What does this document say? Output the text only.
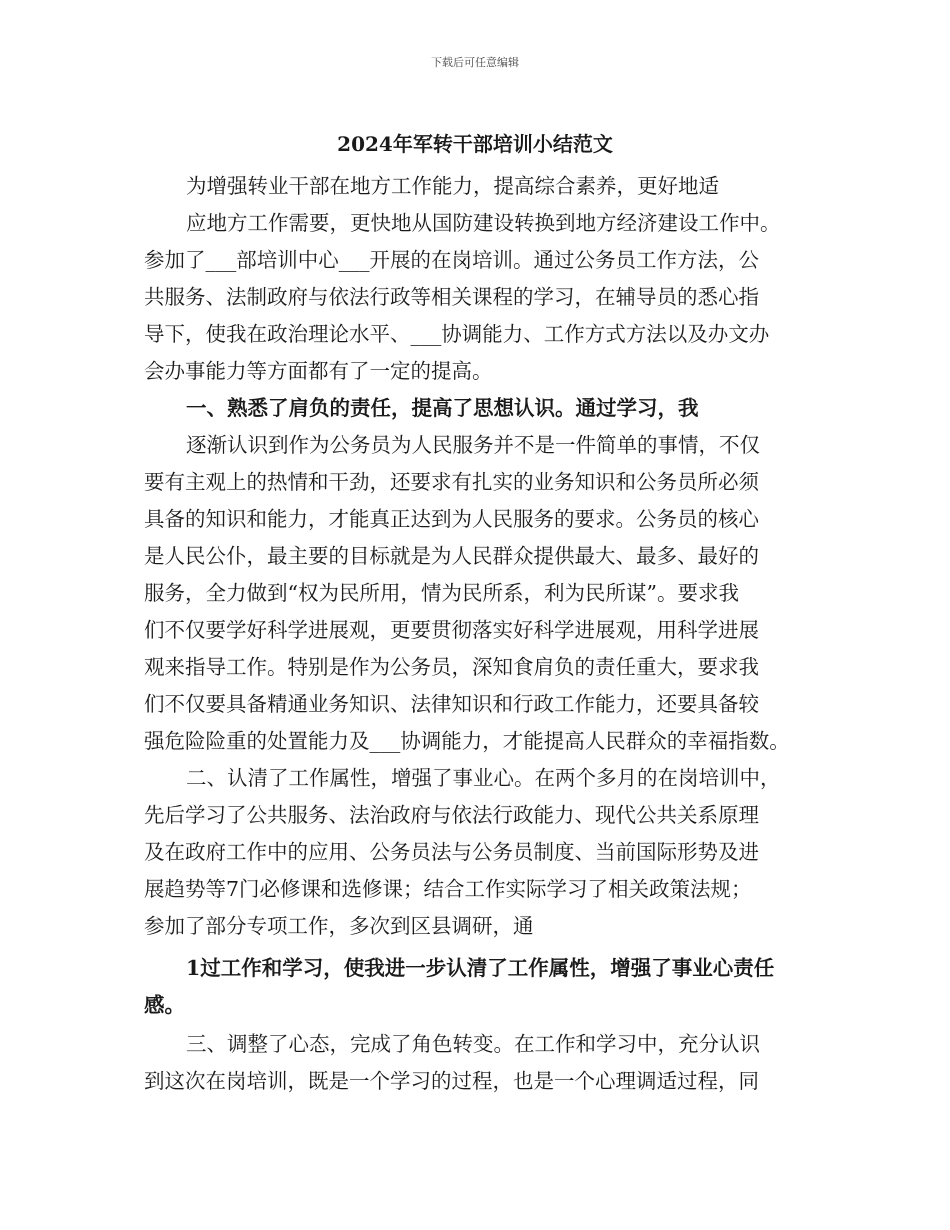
下载后可任意编辑
2024年军转干部培训小结范文
为增强转业干部在地方工作能力，提高综合素养，更好地适
应地方工作需要，更快地从国防建设转换到地方经济建设工作中。
参加了___部培训中心___开展的在岗培训。通过公务员工作方法，公
共服务、法制政府与依法行政等相关课程的学习，在辅导员的悉心指
导下，使我在政治理论水平、___协调能力、工作方式方法以及办文办
会办事能力等方面都有了一定的提高。
一、熟悉了肩负的责任，提高了思想认识。通过学习，我
逐渐认识到作为公务员为人民服务并不是一件简单的事情，不仅
要有主观上的热情和干劲，还要求有扎实的业务知识和公务员所必须
具备的知识和能力，才能真正达到为人民服务的要求。公务员的核心
是人民公仆，最主要的目标就是为人民群众提供最大、最多、最好的
服务，全力做到“权为民所用，情为民所系，利为民所谋”。要求我
们不仅要学好科学进展观，更要贯彻落实好科学进展观，用科学进展
观来指导工作。特别是作为公务员，深知食肩负的责任重大，要求我
们不仅要具备精通业务知识、法律知识和行政工作能力，还要具备较
强危险险重的处置能力及___协调能力，才能提高人民群众的幸福指数。
二、认清了工作属性，增强了事业心。在两个多月的在岗培训中，
先后学习了公共服务、法治政府与依法行政能力、现代公共关系原理
及在政府工作中的应用、公务员法与公务员制度、当前国际形势及进
展趋势等7门必修课和选修课；结合工作实际学习了相关政策法规；
参加了部分专项工作，多次到区县调研，通
1过工作和学习，使我进一步认清了工作属性，增强了事业心责任
感。
三、调整了心态，完成了角色转变。在工作和学习中，充分认识
到这次在岗培训，既是一个学习的过程，也是一个心理调适过程，同
